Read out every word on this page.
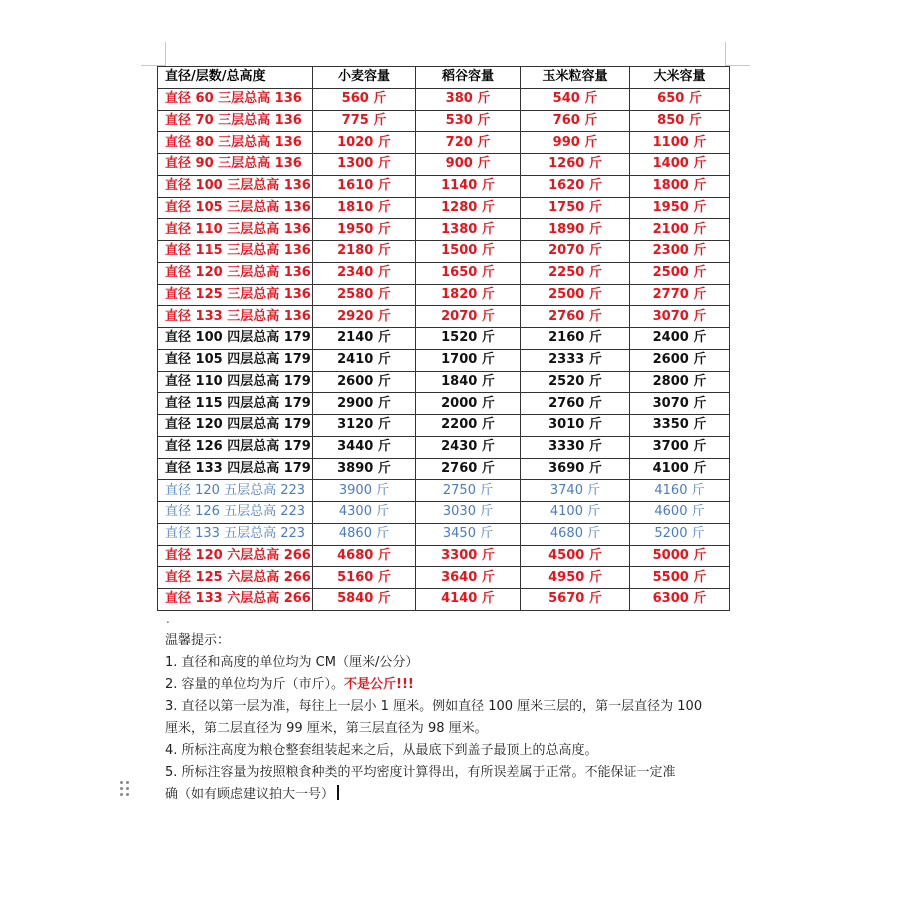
直径/层数/总高度	小麦容量	稻谷容量	玉米粒容量	大米容量
直径 60 三层总高 136	560 斤	380 斤	540 斤	650 斤
直径 70 三层总高 136	775 斤	530 斤	760 斤	850 斤
直径 80 三层总高 136	1020 斤	720 斤	990 斤	1100 斤
直径 90 三层总高 136	1300 斤	900 斤	1260 斤	1400 斤
直径 100 三层总高 136	1610 斤	1140 斤	1620 斤	1800 斤
直径 105 三层总高 136	1810 斤	1280 斤	1750 斤	1950 斤
直径 110 三层总高 136	1950 斤	1380 斤	1890 斤	2100 斤
直径 115 三层总高 136	2180 斤	1500 斤	2070 斤	2300 斤
直径 120 三层总高 136	2340 斤	1650 斤	2250 斤	2500 斤
直径 125 三层总高 136	2580 斤	1820 斤	2500 斤	2770 斤
直径 133 三层总高 136	2920 斤	2070 斤	2760 斤	3070 斤
直径 100 四层总高 179	2140 斤	1520 斤	2160 斤	2400 斤
直径 105 四层总高 179	2410 斤	1700 斤	2333 斤	2600 斤
直径 110 四层总高 179	2600 斤	1840 斤	2520 斤	2800 斤
直径 115 四层总高 179	2900 斤	2000 斤	2760 斤	3070 斤
直径 120 四层总高 179	3120 斤	2200 斤	3010 斤	3350 斤
直径 126 四层总高 179	3440 斤	2430 斤	3330 斤	3700 斤
直径 133 四层总高 179	3890 斤	2760 斤	3690 斤	4100 斤
直径 120 五层总高 223	3900 斤	2750 斤	3740 斤	4160 斤
直径 126 五层总高 223	4300 斤	3030 斤	4100 斤	4600 斤
直径 133 五层总高 223	4860 斤	3450 斤	4680 斤	5200 斤
直径 120 六层总高 266	4680 斤	3300 斤	4500 斤	5000 斤
直径 125 六层总高 266	5160 斤	3640 斤	4950 斤	5500 斤
直径 133 六层总高 266	5840 斤	4140 斤	5670 斤	6300 斤
.
温馨提示：
1. 直径和高度的单位均为 CM（厘米/公分）
2. 容量的单位均为斤（市斤）。不是公斤!!!
3. 直径以第一层为准，每往上一层小 1 厘米。例如直径 100 厘米三层的，第一层直径为 100
厘米，第二层直径为 99 厘米，第三层直径为 98 厘米。
4. 所标注高度为粮仓整套组装起来之后，从最底下到盖子最顶上的总高度。
5. 所标注容量为按照粮食种类的平均密度计算得出，有所误差属于正常。不能保证一定准
确（如有顾虑建议拍大一号）
